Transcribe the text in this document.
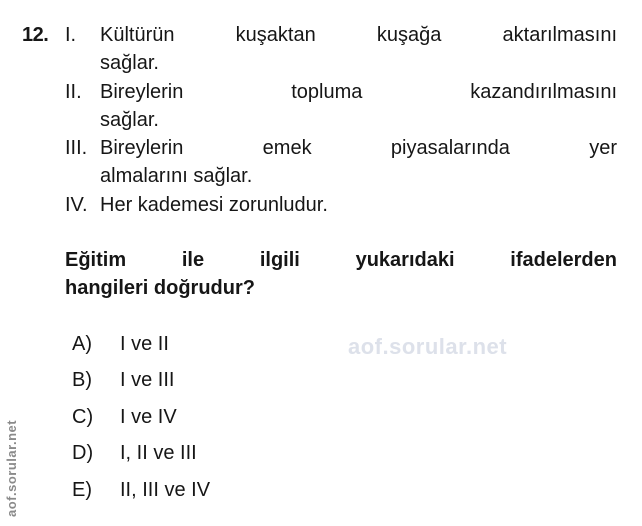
12. I. Kültürün kuşaktan kuşağa aktarılmasını
sağlar.
II. Bireylerin topluma kazandırılmasını
sağlar.
III. Bireylerin emek piyasalarında yer
almalarını sağlar.
IV. Her kademesi zorunludur.
Eğitim ile ilgili yukarıdaki ifadelerden
hangileri doğrudur?
A)	I ve II
B)	I ve III
C)	I ve IV
D)	I, II ve III
E)	II, III ve IV
aof.sorular.net
aof.sorular.net
